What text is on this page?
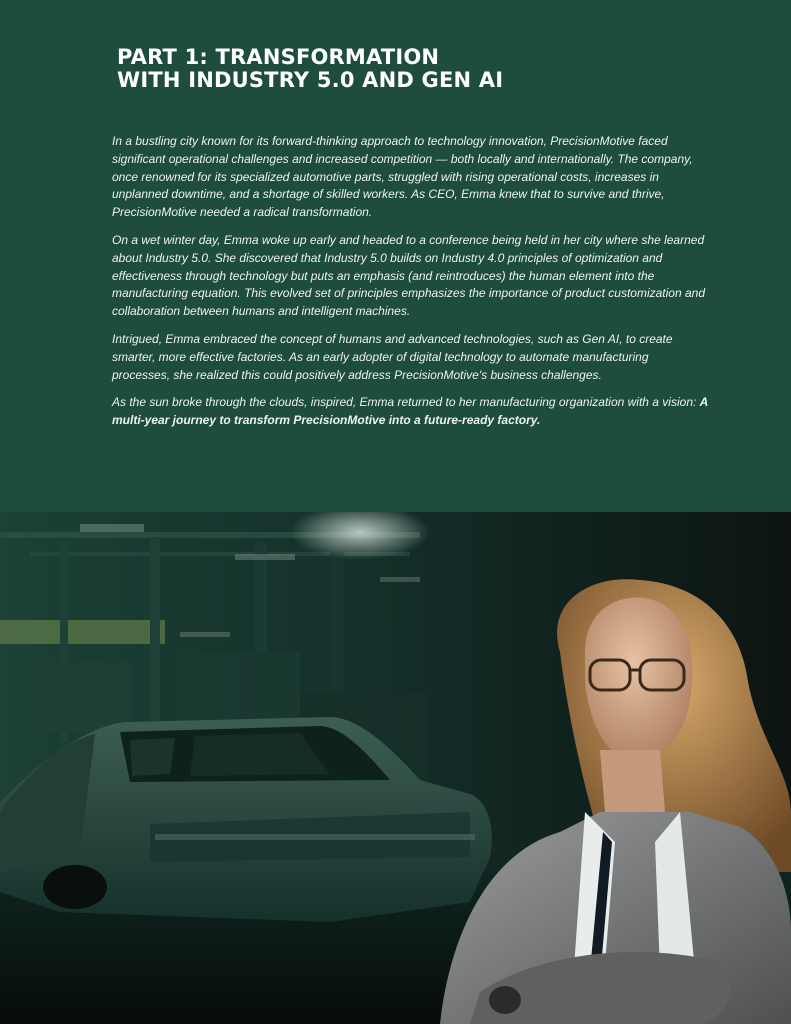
PART 1: TRANSFORMATION
WITH INDUSTRY 5.0 AND GEN AI

In a bustling city known for its forward-thinking approach to technology innovation, PrecisionMotive faced significant operational challenges and increased competition — both locally and internationally. The company, once renowned for its specialized automotive parts, struggled with rising operational costs, increases in unplanned downtime, and a shortage of skilled workers. As CEO, Emma knew that to survive and thrive, PrecisionMotive needed a radical transformation.

On a wet winter day, Emma woke up early and headed to a conference being held in her city where she learned about Industry 5.0. She discovered that Industry 5.0 builds on Industry 4.0 principles of optimization and effectiveness through technology but puts an emphasis (and reintroduces) the human element into the manufacturing equation. This evolved set of principles emphasizes the importance of product customization and collaboration between humans and intelligent machines.

Intrigued, Emma embraced the concept of humans and advanced technologies, such as Gen AI, to create smarter, more effective factories. As an early adopter of digital technology to automate manufacturing processes, she realized this could positively address PrecisionMotive's business challenges.

As the sun broke through the clouds, inspired, Emma returned to her manufacturing organization with a vision: A multi-year journey to transform PrecisionMotive into a future-ready factory.
